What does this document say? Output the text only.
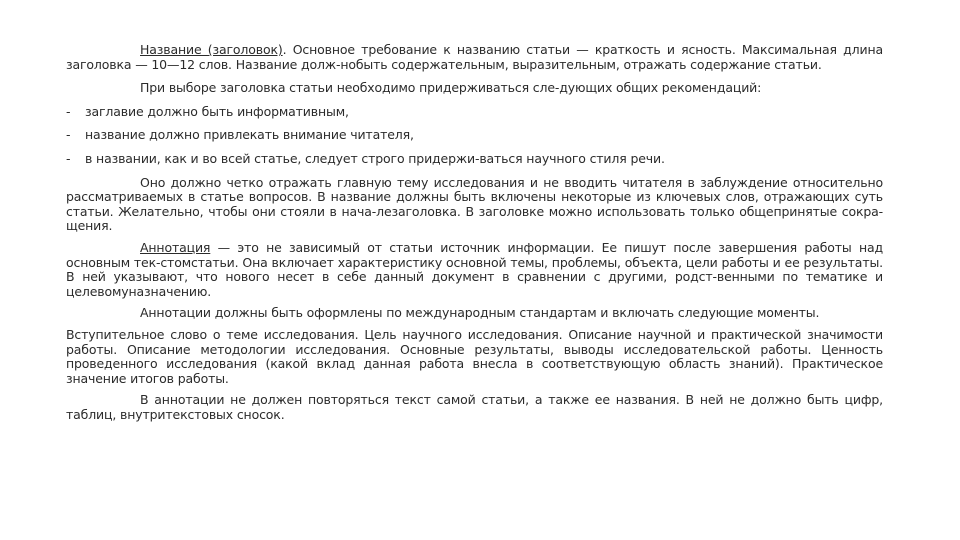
Название (заголовок). Основное требование к названию статьи — краткость и ясность. Максимальная длина заголовка — 10—12 слов. Название долж-нобыть содержательным, выразительным, отражать содержание статьи.

При выборе заголовка статьи необходимо придерживаться сле-дующих общих рекомендаций:

-	заглавие должно быть информативным,
-	название должно привлекать внимание читателя,
-	в названии, как и во всей статье, следует строго придержи-ваться научного стиля речи.

Оно должно четко отражать главную тему исследования и не вводить читателя в заблуждение относительно рассматриваемых в статье вопросов. В название должны быть включены некоторые из ключевых слов, отражающих суть статьи. Желательно, чтобы они стояли в нача-лезаголовка. В заголовке можно использовать только общепринятые сокра-щения.

Аннотация — это не зависимый от статьи источник информации. Ее пишут после завершения работы над основным тек-стомстатьи. Она включает характеристику основной темы, проблемы, объекта, цели работы и ее результаты. В ней указывают, что нового несет в себе данный документ в сравнении с другими, родст-венными по тематике и целевомуназначению.

Аннотации должны быть оформлены по международным стандартам и включать следующие моменты.

Вступительное слово о теме исследования. Цель научного исследования. Описание научной и практической значимости работы. Описание методологии исследования. Основные результаты, выводы исследовательской работы. Ценность проведенного исследования (какой вклад данная работа внесла в соответствующую область знаний). Практическое значение итогов работы.

В аннотации не должен повторяться текст самой статьи, а также ее названия. В ней не должно быть цифр, таблиц, внутритекстовых сносок.
